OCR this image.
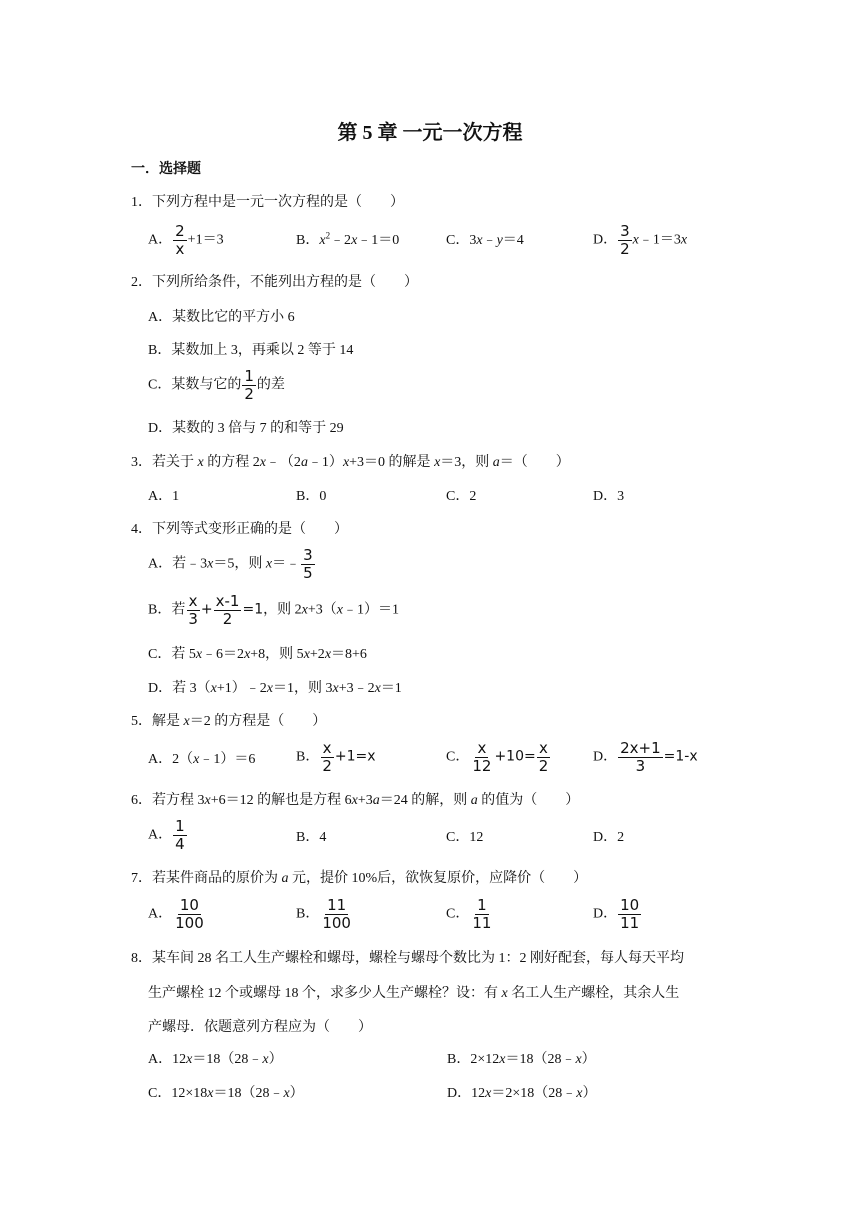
第 5 章 一元一次方程
一．选择题
1．下列方程中是一元一次方程的是（　　）
A． $\frac{2}{x} +1=3$	B．$x^2﹣2x﹣1=0$	C．3x﹣y＝4	D． $\frac{3}{2}$ x﹣1＝3x
2．下列所给条件，不能列出方程的是（　　）
A．某数比它的平方小 6
B．某数加上 3，再乘以 2 等于 14
C．某数与它的 $\frac{1}{2}$ 的差
D．某数的 3 倍与 7 的和等于 29
3．若关于 x 的方程 2x﹣（2a﹣1）x+3＝0 的解是 x＝3，则 a＝（　　）
A．1	B．0	C．2	D．3
4．下列等式变形正确的是（　　）
A．若﹣3x＝5，则 x＝﹣ $\frac{3}{5}$
B．若 $\frac{x}{3} + \frac{x-1}{2} =1$，则 2x+3（x﹣1）＝1
C．若 5x﹣6＝2x+8，则 5x+2x＝8+6
D．若 3（x+1）﹣2x＝1，则 3x+3﹣2x＝1
5．解是 x＝2 的方程是（　　）
A．2（x﹣1）＝6	B． $\frac{x}{2} +1=x$	C． $\frac{x}{12} +10= \frac{x}{2}$	D． $\frac{2x+1}{3} =1-x$
6．若方程 3x+6＝12 的解也是方程 6x+3a＝24 的解，则 a 的值为（　　）
A． $\frac{1}{4}$	B．4	C．12	D．2
7．若某件商品的原价为 a 元，提价 10%后，欲恢复原价，应降价（　　）
A． $\frac{10}{100}$	B． $\frac{11}{100}$	C． $\frac{1}{11}$	D． $\frac{10}{11}$
8．某车间 28 名工人生产螺栓和螺母，螺栓与螺母个数比为 1：2 刚好配套，每人每天平均
生产螺栓 12 个或螺母 18 个，求多少人生产螺栓？设：有 x 名工人生产螺栓，其余人生
产螺母．依题意列方程应为（　　）
A．12x＝18（28﹣x）	B．2×12x＝18（28﹣x）
C．12×18x＝18（28﹣x）	D．12x＝2×18（28﹣x）
